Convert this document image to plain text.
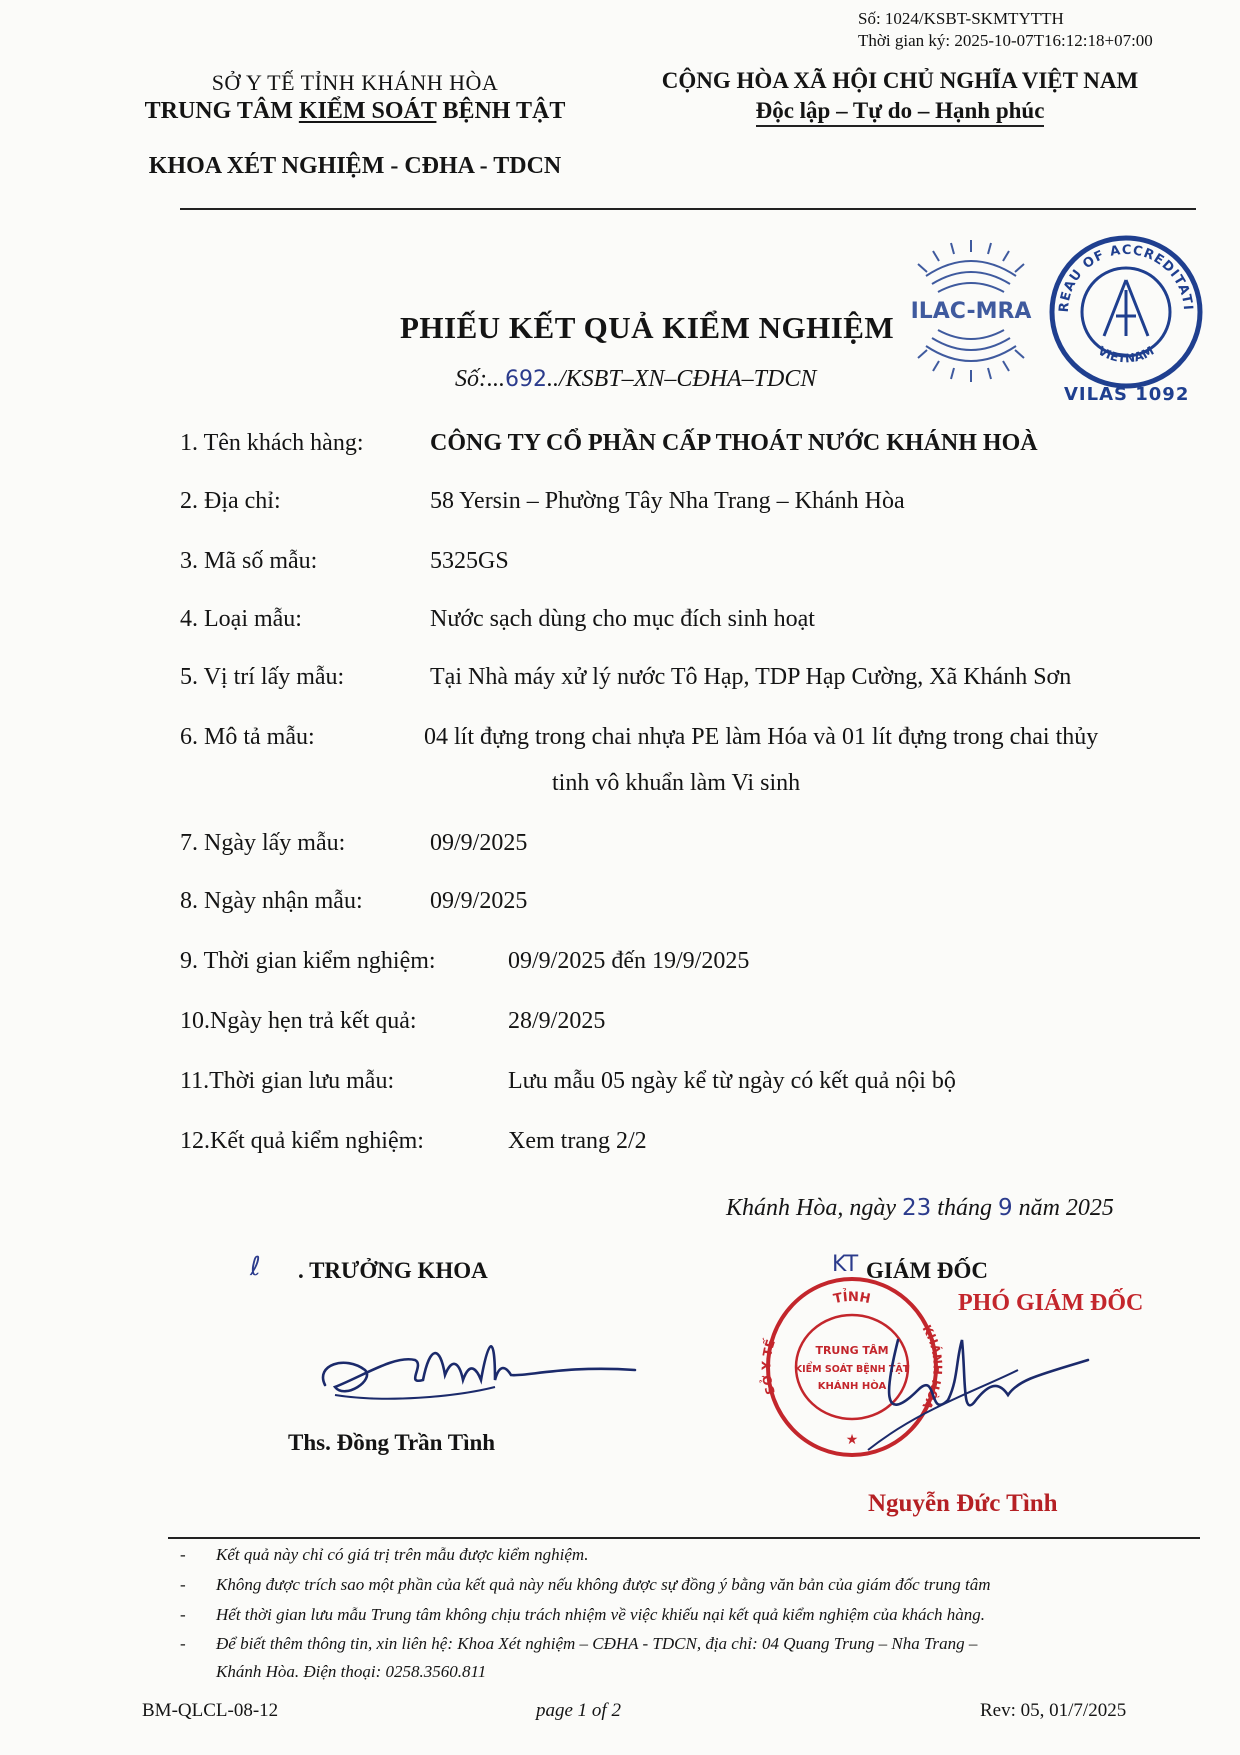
Số: 1024/KSBT-SKMTYTTH
Thời gian ký: 2025-10-07T16:12:18+07:00
SỞ Y TẾ TỈNH KHÁNH HÒA
TRUNG TÂM KIỂM SOÁT BỆNH TẬT
KHOA XÉT NGHIỆM - CĐHA - TDCN
CỘNG HÒA XÃ HỘI CHỦ NGHĨA VIỆT NAM
Độc lập – Tự do – Hạnh phúc
ILAC-MRA
BUREAU OF ACCREDITATION
VIETNAM
VILAS 1092
PHIẾU KẾT QUẢ KIỂM NGHIỆM
Số:...692../KSBT–XN–CĐHA–TDCN
1. Tên khách hàng:	CÔNG TY CỔ PHẦN CẤP THOÁT NƯỚC KHÁNH HOÀ
2. Địa chỉ:	58 Yersin – Phường Tây Nha Trang – Khánh Hòa
3. Mã số mẫu:	5325GS
4. Loại mẫu:	Nước sạch dùng cho mục đích sinh hoạt
5. Vị trí lấy mẫu:	Tại Nhà máy xử lý nước Tô Hạp, TDP Hạp Cường, Xã Khánh Sơn
6. Mô tả mẫu:	04 lít đựng trong chai nhựa PE làm Hóa và 01 lít đựng trong chai thủy
tinh vô khuẩn làm Vi sinh
7. Ngày lấy mẫu:	09/9/2025
8. Ngày nhận mẫu:	09/9/2025
9. Thời gian kiểm nghiệm:	09/9/2025 đến 19/9/2025
10.Ngày hẹn trả kết quả:	28/9/2025
11.Thời gian lưu mẫu:	Lưu mẫu 05 ngày kể từ ngày có kết quả nội bộ
12.Kết quả kiểm nghiệm:	Xem trang 2/2
Khánh Hòa, ngày 23 tháng 9 năm 2025
ℓ . TRƯỞNG KHOA
Ths. Đồng Trần Tình
KT GIÁM ĐỐC
PHÓ GIÁM ĐỐC
TỈNH
SỞ Y TẾ
KHÁNH HÒA
TRUNG TÂM
KIỂM SOÁT BỆNH TẬT
KHÁNH HÒA
★
Nguyễn Đức Tình
- Kết quả này chỉ có giá trị trên mẫu được kiểm nghiệm.
- Không được trích sao một phần của kết quả này nếu không được sự đồng ý bằng văn bản của giám đốc trung tâm
- Hết thời gian lưu mẫu Trung tâm không chịu trách nhiệm về việc khiếu nại kết quả kiểm nghiệm của khách hàng.
- Để biết thêm thông tin, xin liên hệ: Khoa Xét nghiệm – CĐHA - TDCN, địa chỉ: 04 Quang Trung – Nha Trang –
Khánh Hòa. Điện thoại: 0258.3560.811
BM-QLCL-08-12	page 1 of 2	Rev: 05, 01/7/2025
